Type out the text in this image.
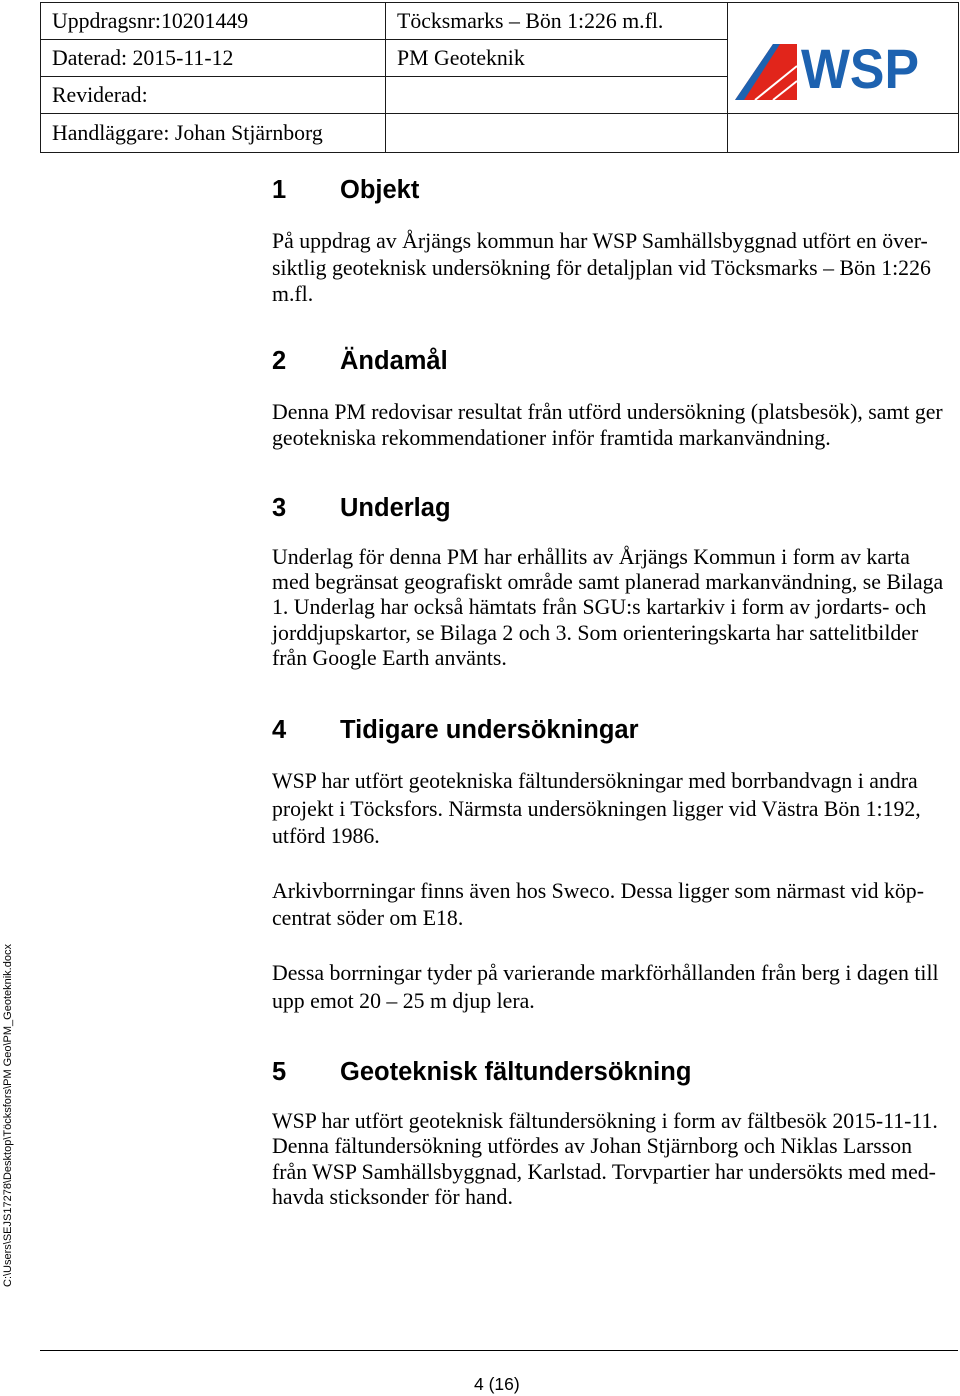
Uppdragsnr:10201449	Töcksmarks – Bön 1:226 m.fl.	WSP

Daterad: 2015-11-12	PM Geoteknik	
Reviderad:		
Handläggare: Johan Stjärnborg		
1 Objekt
På uppdrag av Årjängs kommun har WSP Samhällsbyggnad utfört en över-
siktlig geoteknisk undersökning för detaljplan vid Töcksmarks – Bön 1:226
m.fl.
2 Ändamål
Denna PM redovisar resultat från utförd undersökning (platsbesök), samt ger
geotekniska rekommendationer inför framtida markanvändning.
3 Underlag
Underlag för denna PM har erhållits av Årjängs Kommun i form av karta
med begränsat geografiskt område samt planerad markanvändning, se Bilaga
1. Underlag har också hämtats från SGU:s kartarkiv i form av jordarts- och
jorddjupskartor, se Bilaga 2 och 3. Som orienteringskarta har sattelitbilder
från Google Earth använts.
4 Tidigare undersökningar
WSP har utfört geotekniska fältundersökningar med borrbandvagn i andra
projekt i Töcksfors. Närmsta undersökningen ligger vid Västra Bön 1:192,
utförd 1986.
Arkivborrningar finns även hos Sweco. Dessa ligger som närmast vid köp-
centrat söder om E18.
Dessa borrningar tyder på varierande markförhållanden från berg i dagen till
upp emot 20 – 25 m djup lera.
5 Geoteknisk fältundersökning
WSP har utfört geoteknisk fältundersökning i form av fältbesök 2015-11-11.
Denna fältundersökning utfördes av Johan Stjärnborg och Niklas Larsson
från WSP Samhällsbyggnad, Karlstad. Torvpartier har undersökts med med-
havda sticksonder för hand.
C:\Users\SEJS17278\Desktop\Töcksfors\PM Geo\PM_Geoteknik.docx
4 (16)
